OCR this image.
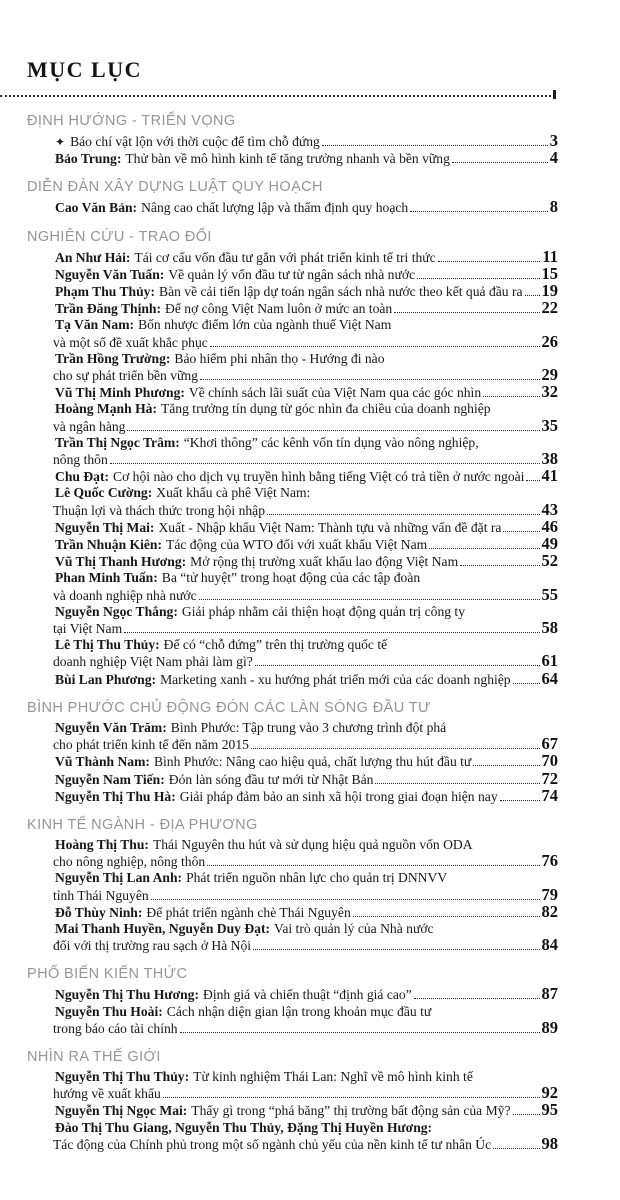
MỤC LỤC
ĐỊNH HƯỚNG - TRIỂN VỌNG
✦ Báo chí vật lộn với thời cuộc để tìm chỗ đứng	3
Bảo Trung: Thử bàn về mô hình kinh tế tăng trưởng nhanh và bền vững	4
DIỄN ĐÀN XÂY DỰNG LUẬT QUY HOẠCH
Cao Văn Bản: Nâng cao chất lượng lập và thẩm định quy hoạch	8
NGHIÊN CỨU - TRAO ĐỔI
An Như Hải: Tái cơ cấu vốn đầu tư gắn với phát triển kinh tế tri thức	11
Nguyễn Văn Tuấn: Về quản lý vốn đầu tư từ ngân sách nhà nước	15
Phạm Thu Thủy: Bàn về cải tiến lập dự toán ngân sách nhà nước theo kết quả đầu ra 19
Trần Đăng Thịnh: Để nợ công Việt Nam luôn ở mức an toàn	22
Tạ Văn Nam: Bốn nhược điểm lớn của ngành thuế Việt Nam
và một số đề xuất khắc phục	26
Trần Hồng Trường: Bảo hiểm phi nhân thọ - Hướng đi nào
cho sự phát triển bền vững	29
Vũ Thị Minh Phương: Về chính sách lãi suất của Việt Nam qua các góc nhìn	32
Hoàng Mạnh Hà: Tăng trưởng tín dụng từ góc nhìn đa chiều của doanh nghiệp
và ngân hàng	35
Trần Thị Ngọc Trâm: “Khơi thông” các kênh vốn tín dụng vào nông nghiệp,
nông thôn	38
Chu Đạt: Cơ hội nào cho dịch vụ truyền hình bằng tiếng Việt có trả tiền ở nước ngoài 41
Lê Quốc Cường: Xuất khẩu cà phê Việt Nam:
Thuận lợi và thách thức trong hội nhập	43
Nguyễn Thị Mai: Xuất - Nhập khẩu Việt Nam: Thành tựu và những vấn đề đặt ra 46
Trần Nhuận Kiên: Tác động của WTO đối với xuất khẩu Việt Nam	49
Vũ Thị Thanh Hương: Mở rộng thị trường xuất khẩu lao động Việt Nam	52
Phan Minh Tuấn: Ba “tử huyệt” trong hoạt động của các tập đoàn
và doanh nghiệp nhà nước	55
Nguyễn Ngọc Thắng: Giải pháp nhằm cải thiện hoạt động quản trị công ty
tại Việt Nam	58
Lê Thị Thu Thủy: Để có “chỗ đứng” trên thị trường quốc tế
doanh nghiệp Việt Nam phải làm gì?	61
Bùi Lan Phương: Marketing xanh - xu hướng phát triển mới của các doanh nghiệp 64
BÌNH PHƯỚC CHỦ ĐỘNG ĐÓN CÁC LÀN SÓNG ĐẦU TƯ
Nguyễn Văn Trăm: Bình Phước: Tập trung vào 3 chương trình đột phá
cho phát triển kinh tế đến năm 2015	67
Vũ Thành Nam: Bình Phước: Nâng cao hiệu quả, chất lượng thu hút đầu tư	70
Nguyễn Nam Tiến: Đón làn sóng đầu tư mới từ Nhật Bản	72
Nguyễn Thị Thu Hà: Giải pháp đảm bảo an sinh xã hội trong giai đoạn hiện nay	74
KINH TẾ NGÀNH - ĐỊA PHƯƠNG
Hoàng Thị Thu: Thái Nguyên thu hút và sử dụng hiệu quả nguồn vốn ODA
cho nông nghiệp, nông thôn	76
Nguyễn Thị Lan Anh: Phát triển nguồn nhân lực cho quản trị DNNVV
tỉnh Thái Nguyên	79
Đỗ Thùy Ninh: Để phát triển ngành chè Thái Nguyên	82
Mai Thanh Huyền, Nguyễn Duy Đạt: Vai trò quản lý của Nhà nước
đối với thị trường rau sạch ở Hà Nội	84
PHỔ BIẾN KIẾN THỨC
Nguyễn Thị Thu Hương: Định giá và chiến thuật “định giá cao”	87
Nguyễn Thu Hoài: Cách nhận diện gian lận trong khoản mục đầu tư
trong báo cáo tài chính	89
NHÌN RA THẾ GIỚI
Nguyễn Thị Thu Thủy: Từ kinh nghiệm Thái Lan: Nghĩ về mô hình kinh tế
hướng về xuất khẩu	92
Nguyễn Thị Ngọc Mai: Thấy gì trong “phá băng” thị trường bất động sản của Mỹ? 95
Đào Thị Thu Giang, Nguyễn Thu Thủy, Đặng Thị Huyền Hương:
Tác động của Chính phủ trong một số ngành chủ yếu của nền kinh tế tư nhân Úc	98
